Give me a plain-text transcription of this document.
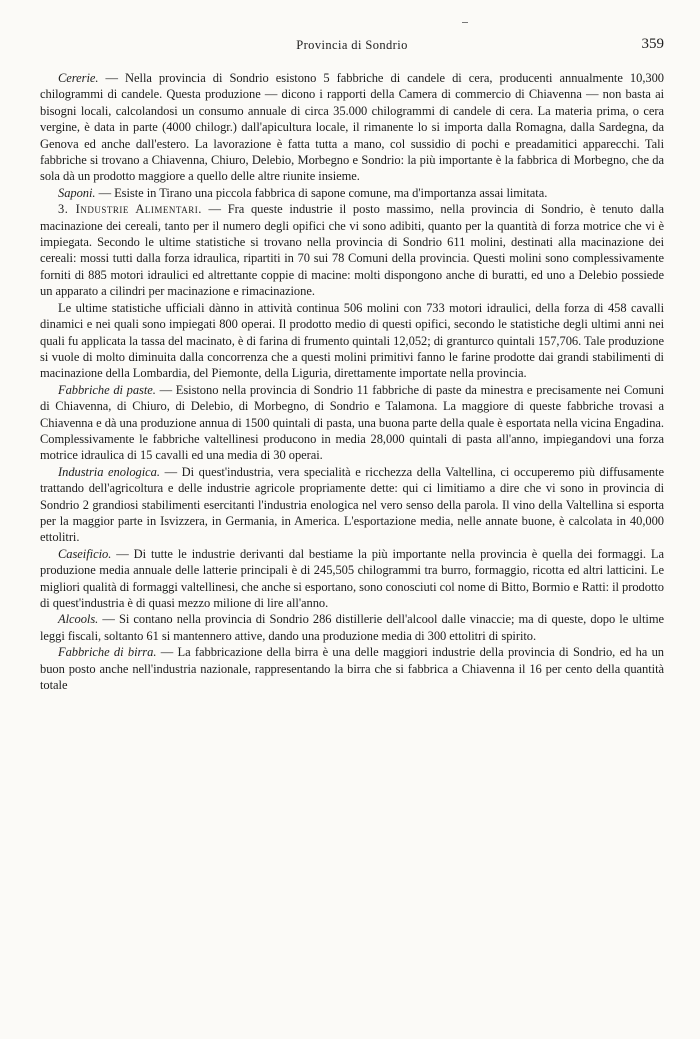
Provincia di Sondrio	359

Cererie. — Nella provincia di Sondrio esistono 5 fabbriche di candele di cera, producenti annualmente 10,300 chilogrammi di candele. Questa produzione — dicono i rapporti della Camera di commercio di Chiavenna — non basta ai bisogni locali, calcolandosi un consumo annuale di circa 35.000 chilogrammi di candele di cera. La materia prima, o cera vergine, è data in parte (4000 chilogr.) dall'apicultura locale, il rimanente lo si importa dalla Romagna, dalla Sardegna, da Genova ed anche dall'estero. La lavorazione è fatta tutta a mano, col sussidio di pochi e preadamitici apparecchi. Tali fabbriche si trovano a Chiavenna, Chiuro, Delebio, Morbegno e Sondrio: la più importante è la fabbrica di Morbegno, che da sola dà un prodotto maggiore a quello delle altre riunite insieme.

Saponi. — Esiste in Tirano una piccola fabbrica di sapone comune, ma d'importanza assai limitata.

3. Industrie Alimentari. — Fra queste industrie il posto massimo, nella provincia di Sondrio, è tenuto dalla macinazione dei cereali, tanto per il numero degli opifici che vi sono adibiti, quanto per la quantità di forza motrice che vi è impiegata. Secondo le ultime statistiche si trovano nella provincia di Sondrio 611 molini, destinati alla macinazione dei cereali: mossi tutti dalla forza idraulica, ripartiti in 70 sui 78 Comuni della provincia. Questi molini sono complessivamente forniti di 885 motori idraulici ed altrettante coppie di macine: molti dispongono anche di buratti, ed uno a Delebio possiede un apparato a cilindri per macinazione e rimacinazione.

Le ultime statistiche ufficiali dànno in attività continua 506 molini con 733 motori idraulici, della forza di 458 cavalli dinamici e nei quali sono impiegati 800 operai. Il prodotto medio di questi opifici, secondo le statistiche degli ultimi anni nei quali fu applicata la tassa del macinato, è di farina di frumento quintali 12,052; di granturco quintali 157,706. Tale produzione si vuole di molto diminuita dalla concorrenza che a questi molini primitivi fanno le farine prodotte dai grandi stabilimenti di macinazione della Lombardia, del Piemonte, della Liguria, direttamente importate nella provincia.

Fabbriche di paste. — Esistono nella provincia di Sondrio 11 fabbriche di paste da minestra e precisamente nei Comuni di Chiavenna, di Chiuro, di Delebio, di Morbegno, di Sondrio e Talamona. La maggiore di queste fabbriche trovasi a Chiavenna e dà una produzione annua di 1500 quintali di pasta, una buona parte della quale è esportata nella vicina Engadina. Complessivamente le fabbriche valtellinesi producono in media 28,000 quintali di pasta all'anno, impiegandovi una forza motrice idraulica di 15 cavalli ed una media di 30 operai.

Industria enologica. — Di quest'industria, vera specialità e ricchezza della Valtellina, ci occuperemo più diffusamente trattando dell'agricoltura e delle industrie agricole propriamente dette: qui ci limitiamo a dire che vi sono in provincia di Sondrio 2 grandiosi stabilimenti esercitanti l'industria enologica nel vero senso della parola. Il vino della Valtellina si esporta per la maggior parte in Isvizzera, in Germania, in America. L'esportazione media, nelle annate buone, è calcolata in 40,000 ettolitri.

Caseificio. — Di tutte le industrie derivanti dal bestiame la più importante nella provincia è quella dei formaggi. La produzione media annuale delle latterie principali è di 245,505 chilogrammi tra burro, formaggio, ricotta ed altri latticini. Le migliori qualità di formaggi valtellinesi, che anche si esportano, sono conosciuti col nome di Bitto, Bormio e Ratti: il prodotto di quest'industria è di quasi mezzo milione di lire all'anno.

Alcools. — Si contano nella provincia di Sondrio 286 distillerie dell'alcool dalle vinaccie; ma di queste, dopo le ultime leggi fiscali, soltanto 61 si mantennero attive, dando una produzione media di 300 ettolitri di spirito.

Fabbriche di birra. — La fabbricazione della birra è una delle maggiori industrie della provincia di Sondrio, ed ha un buon posto anche nell'industria nazionale, rappresentando la birra che si fabbrica a Chiavenna il 16 per cento della quantità totale
